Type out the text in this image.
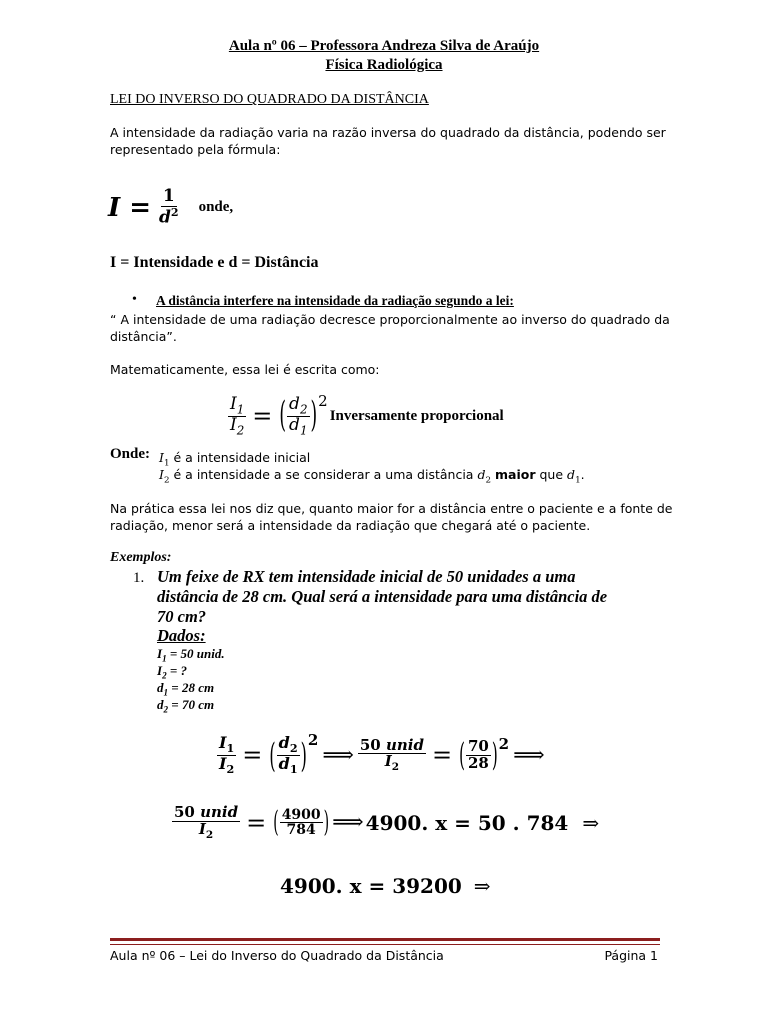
Aula nº 06 – Professora Andreza Silva de Araújo
Física Radiológica
LEI DO INVERSO DO QUADRADO DA DISTÂNCIA
A intensidade da radiação varia na razão inversa do quadrado da distância, podendo ser
representado pela fórmula:
$I = \frac{1}{d^2}$ onde,
I = Intensidade e d = Distância
• A distância interfere na intensidade da radiação segundo a lei:
“ A intensidade de uma radiação decresce proporcionalmente ao inverso do quadrado da
distância”.
Matematicamente, essa lei é escrita como:
$\frac{I_1}{I_2}$ = ( $\frac{d_2}{d_1}$ ) 2
Inversamente proporcional
Onde: $I_1$ é a intensidade inicial
$I_2$ é a intensidade a se considerar a uma distância $d_2$ maior que $d_1$.
Na prática essa lei nos diz que, quanto maior for a distância entre o paciente e a fonte de
radiação, menor será a intensidade da radiação que chegará até o paciente.
Exemplos:
1. Um feixe de RX tem intensidade inicial de 50 unidades a uma
distância de 28 cm. Qual será a intensidade para uma distância de
70 cm?
Dados:
$I_1 = 50$ unid.
$I_2$ = ?
$d_1 = 28$ cm
$d_2 = 70$ cm
$\frac{I_1}{I_2}$ = ( $\frac{d_2}{d_1}$ ) 2
⟹ $\frac{\text{50 unid}}{I_2}$ = ( $\frac{70}{28}$ ) 2 ⟹
$\frac{\text{50 unid}}{I_2}$ = ( $\frac{4900}{784}$ ) ⟹ 4900. x = 50 . 784 ⇒
4900. x = 39200 ⇒
Aula nº 06 – Lei do Inverso do Quadrado da Distância	Página 1
